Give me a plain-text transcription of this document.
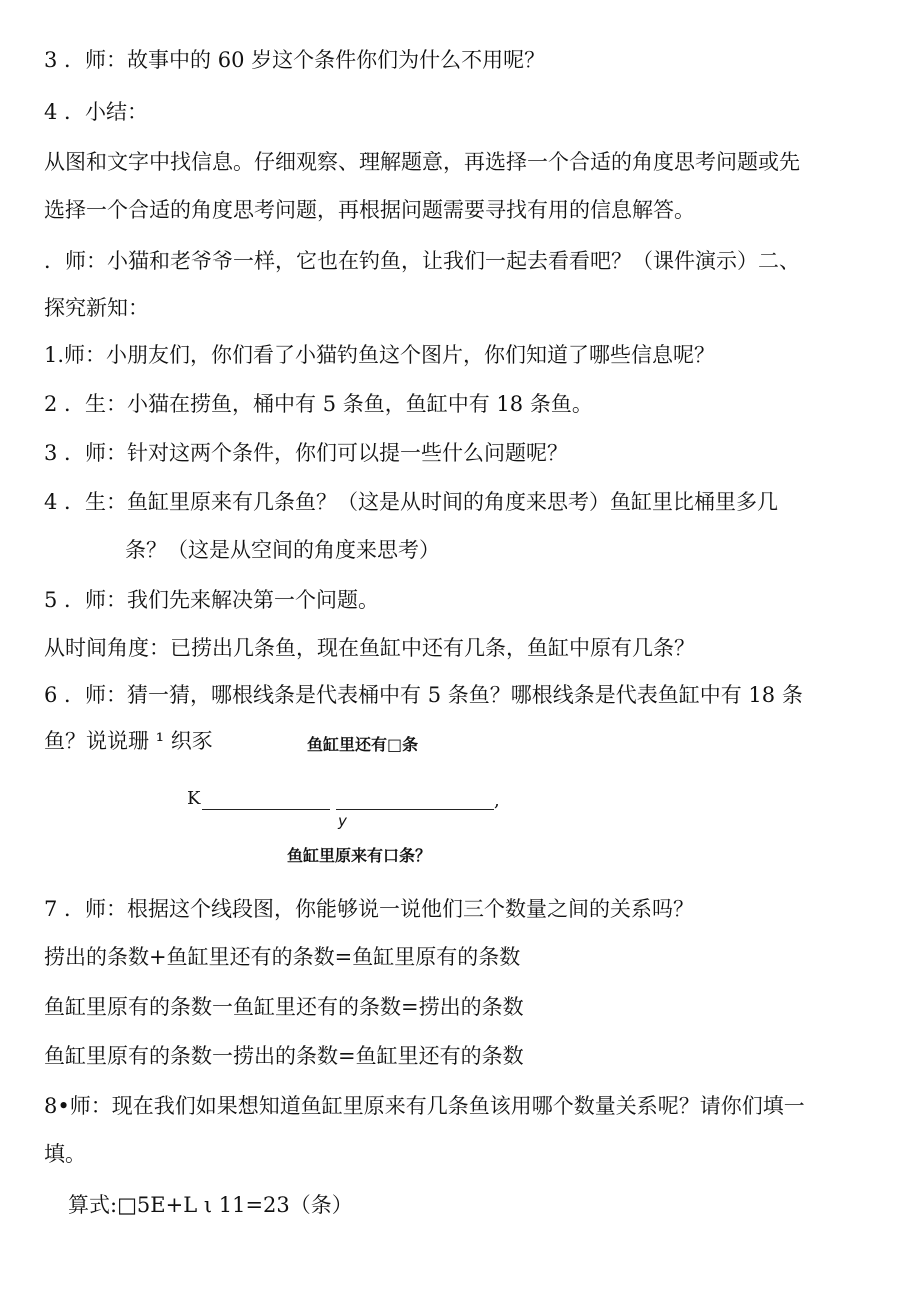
3 ．师：故事中的 60 岁这个条件你们为什么不用呢？
4 ．小结：
从图和文字中找信息。仔细观察、理解题意，再选择一个合适的角度思考问题或先
选择一个合适的角度思考问题，再根据问题需要寻找有用的信息解答。
．师：小猫和老爷爷一样，它也在钓鱼，让我们一起去看看吧？（课件演示）二、
探究新知：
1.师：小朋友们，你们看了小猫钓鱼这个图片，你们知道了哪些信息呢？
2 ．生：小猫在捞鱼，桶中有 5 条鱼，鱼缸中有 18 条鱼。
3 ．师：针对这两个条件，你们可以提一些什么问题呢？
4 ．生：鱼缸里原来有几条鱼？（这是从时间的角度来思考）鱼缸里比桶里多几
条？（这是从空间的角度来思考）
5 ．师：我们先来解决第一个问题。
从时间角度：已捞出几条鱼，现在鱼缸中还有几条，鱼缸中原有几条？
6 ．师：猜一猜，哪根线条是代表桶中有 5 条鱼？哪根线条是代表鱼缸中有 18 条
鱼？说说珊 ¹ 织豕	鱼缸里还有□条
K	,
y
鱼缸里原来有口条？
7 ．师：根据这个线段图，你能够说一说他们三个数量之间的关系吗？
捞出的条数+鱼缸里还有的条数=鱼缸里原有的条数
鱼缸里原有的条数一鱼缸里还有的条数=捞出的条数
鱼缸里原有的条数一捞出的条数=鱼缸里还有的条数
8•师：现在我们如果想知道鱼缸里原来有几条鱼该用哪个数量关系呢？请你们填一
填。
算式:□5E+L ι 11=23（条）
